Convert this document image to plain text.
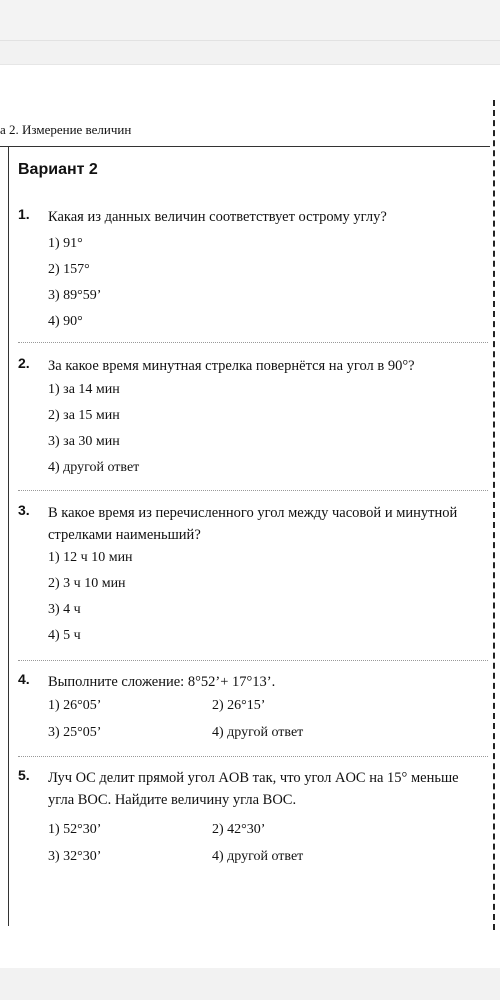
а 2. Измерение величин
Вариант 2
1. Какая из данных величин соответствует острому углу?
1) 91°
2) 157°
3) 89°59’
4) 90°
2. За какое время минутная стрелка повернётся на угол в 90°?
1) за 14 мин
2) за 15 мин
3) за 30 мин
4) другой ответ
3. В какое время из перечисленного угол между часовой и минутной стрелками наименьший?
1) 12 ч 10 мин
2) 3 ч 10 мин
3) 4 ч
4) 5 ч
4. Выполните сложение: 8°52’+ 17°13’.
1) 26°05’	2) 26°15’
3) 25°05’	4) другой ответ
5. Луч OC делит прямой угол AOB так, что угол AOC на 15° меньше угла BOC. Найдите величину угла BOC.
1) 52°30’	2) 42°30’
3) 32°30’	4) другой ответ
